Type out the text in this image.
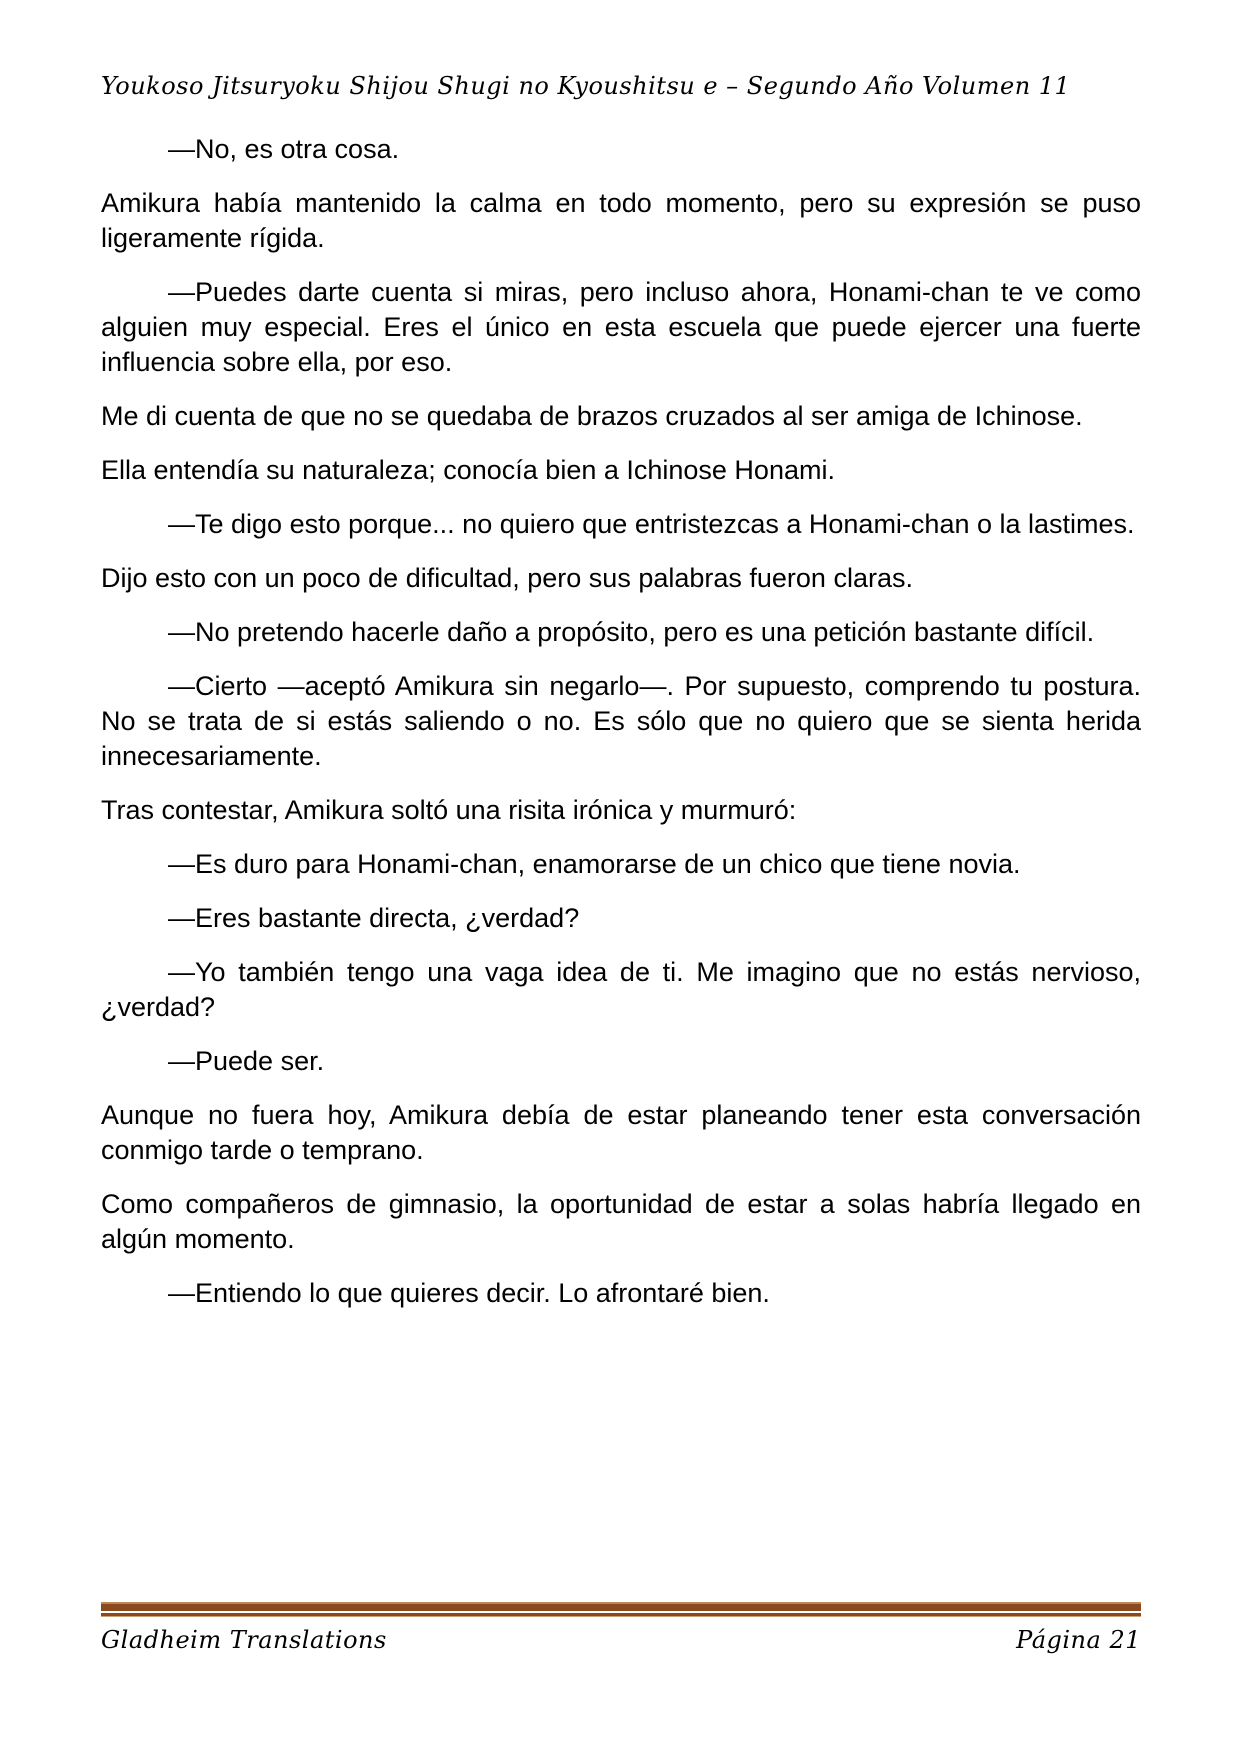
Youkoso Jitsuryoku Shijou Shugi no Kyoushitsu e – Segundo Año Volumen 11

—No, es otra cosa.

Amikura había mantenido la calma en todo momento, pero su expresión se puso ligeramente rígida.

—Puedes darte cuenta si miras, pero incluso ahora, Honami-chan te ve como alguien muy especial. Eres el único en esta escuela que puede ejercer una fuerte influencia sobre ella, por eso.

Me di cuenta de que no se quedaba de brazos cruzados al ser amiga de Ichinose.

Ella entendía su naturaleza; conocía bien a Ichinose Honami.

—Te digo esto porque... no quiero que entristezcas a Honami-chan o la lastimes.

Dijo esto con un poco de dificultad, pero sus palabras fueron claras.

—No pretendo hacerle daño a propósito, pero es una petición bastante difícil.

—Cierto —aceptó Amikura sin negarlo—. Por supuesto, comprendo tu postura. No se trata de si estás saliendo o no. Es sólo que no quiero que se sienta herida innecesariamente.

Tras contestar, Amikura soltó una risita irónica y murmuró:

—Es duro para Honami-chan, enamorarse de un chico que tiene novia.

—Eres bastante directa, ¿verdad?

—Yo también tengo una vaga idea de ti. Me imagino que no estás nervioso, ¿verdad?

—Puede ser.

Aunque no fuera hoy, Amikura debía de estar planeando tener esta conversación conmigo tarde o temprano.

Como compañeros de gimnasio, la oportunidad de estar a solas habría llegado en algún momento.

—Entiendo lo que quieres decir. Lo afrontaré bien.

Gladheim Translations	Página 21
